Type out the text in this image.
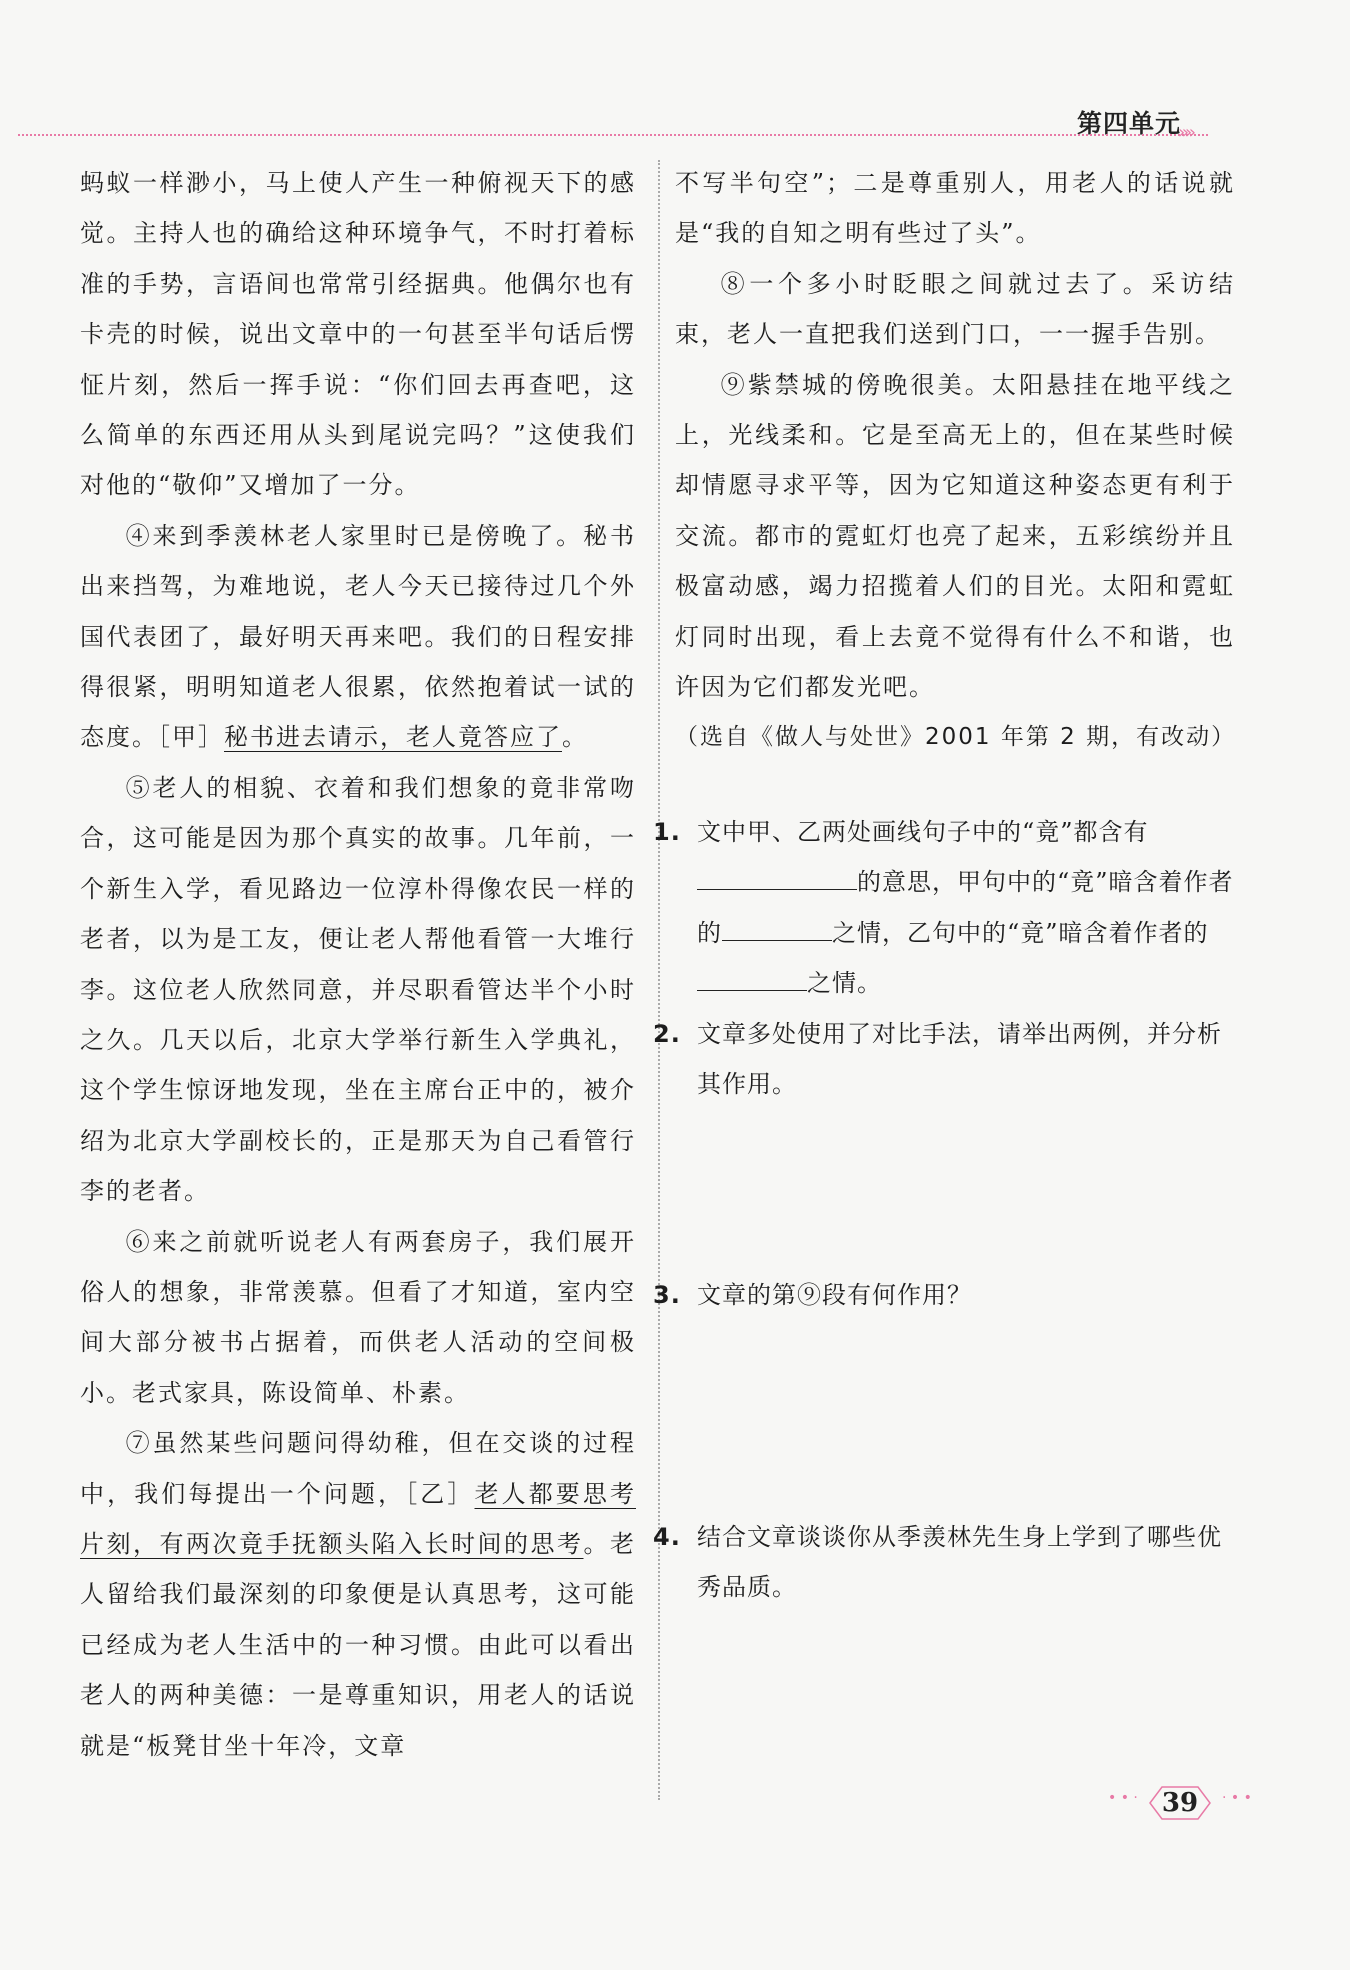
第四单元
»»

蚂蚁一样渺小，马上使人产生一种俯视天下的感觉。主持人也的确给这种环境争气，不时打着标准的手势，言语间也常常引经据典。他偶尔也有卡壳的时候，说出文章中的一句甚至半句话后愣怔片刻，然后一挥手说：“你们回去再查吧，这么简单的东西还用从头到尾说完吗？”这使我们对他的“敬仰”又增加了一分。

④来到季羡林老人家里时已是傍晚了。秘书出来挡驾，为难地说，老人今天已接待过几个外国代表团了，最好明天再来吧。我们的日程安排得很紧，明明知道老人很累，依然抱着试一试的态度。［甲］秘书进去请示，老人竟答应了。

⑤老人的相貌、衣着和我们想象的竟非常吻合，这可能是因为那个真实的故事。几年前，一个新生入学，看见路边一位淳朴得像农民一样的老者，以为是工友，便让老人帮他看管一大堆行李。这位老人欣然同意，并尽职看管达半个小时之久。几天以后，北京大学举行新生入学典礼，这个学生惊讶地发现，坐在主席台正中的，被介绍为北京大学副校长的，正是那天为自己看管行李的老者。

⑥来之前就听说老人有两套房子，我们展开俗人的想象，非常羡慕。但看了才知道，室内空间大部分被书占据着，而供老人活动的空间极小。老式家具，陈设简单、朴素。

⑦虽然某些问题问得幼稚，但在交谈的过程中，我们每提出一个问题，［乙］老人都要思考片刻，有两次竟手抚额头陷入长时间的思考。老人留给我们最深刻的印象便是认真思考，这可能已经成为老人生活中的一种习惯。由此可以看出老人的两种美德：一是尊重知识，用老人的话说就是“板凳甘坐十年冷，文章

不写半句空”；二是尊重别人，用老人的话说就是“我的自知之明有些过了头”。

⑧一个多小时眨眼之间就过去了。采访结束，老人一直把我们送到门口，一一握手告别。

⑨紫禁城的傍晚很美。太阳悬挂在地平线之上，光线柔和。它是至高无上的，但在某些时候却情愿寻求平等，因为它知道这种姿态更有利于交流。都市的霓虹灯也亮了起来，五彩缤纷并且极富动感，竭力招揽着人们的目光。太阳和霓虹灯同时出现，看上去竟不觉得有什么不和谐，也许因为它们都发光吧。

（选自《做人与处世》2001 年第 2 期，有改动）

1. 文中甲、乙两处画线句子中的“竟”都含有的意思，甲句中的“竟”暗含着作者的	之情，乙句中的“竟”暗含着作者的之情。
2. 文章多处使用了对比手法，请举出两例，并分析其作用。
3. 文章的第⑨段有何作用？
4. 结合文章谈谈你从季羡林先生身上学到了哪些优秀品质。
• • · 39	· • •
